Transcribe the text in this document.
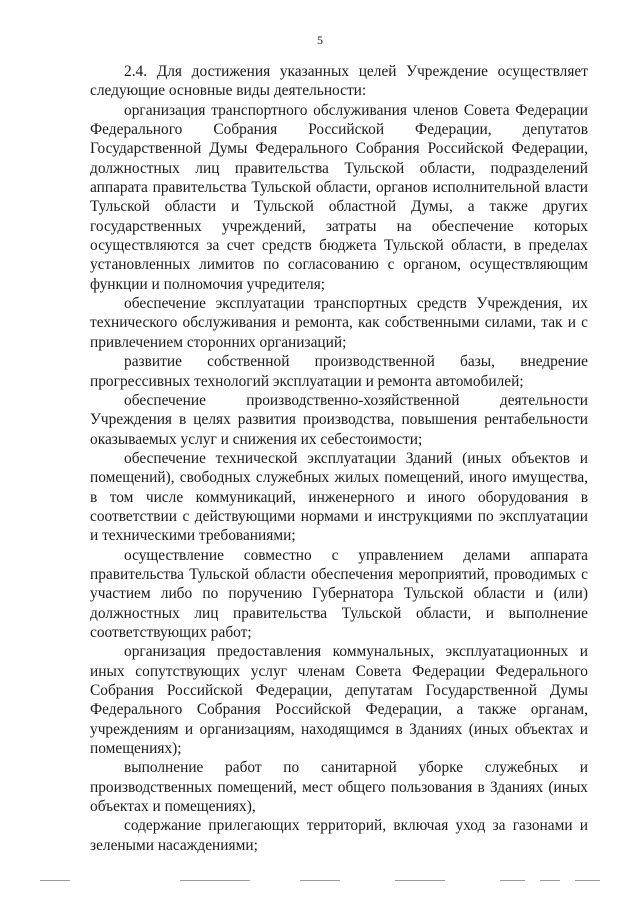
5

2.4. Для достижения указанных целей Учреждение осуществляет следующие основные виды деятельности:

организация транспортного обслуживания членов Совета Федерации Федерального Собрания Российской Федерации, депутатов Государственной Думы Федерального Собрания Российской Федерации, должностных лиц правительства Тульской области, подразделений аппарата правительства Тульской области, органов исполнительной власти Тульской области и Тульской областной Думы, а также других государственных учреждений, затраты на обеспечение которых осуществляются за счет средств бюджета Тульской области, в пределах установленных лимитов по согласованию с органом, осуществляющим функции и полномочия учредителя;

обеспечение эксплуатации транспортных средств Учреждения, их технического обслуживания и ремонта, как собственными силами, так и с привлечением сторонних организаций;

развитие собственной производственной базы, внедрение прогрессивных технологий эксплуатации и ремонта автомобилей;

обеспечение производственно-хозяйственной деятельности Учреждения в целях развития производства, повышения рентабельности оказываемых услуг и снижения их себестоимости;

обеспечение технической эксплуатации Зданий (иных объектов и помещений), свободных служебных жилых помещений, иного имущества, в том числе коммуникаций, инженерного и иного оборудования в соответствии с действующими нормами и инструкциями по эксплуатации и техническими требованиями;

осуществление совместно с управлением делами аппарата правительства Тульской области обеспечения мероприятий, проводимых с участием либо по поручению Губернатора Тульской области и (или) должностных лиц правительства Тульской области, и выполнение соответствующих работ;

организация предоставления коммунальных, эксплуатационных и иных сопутствующих услуг членам Совета Федерации Федерального Собрания Российской Федерации, депутатам Государственной Думы Федерального Собрания Российской Федерации, а также органам, учреждениям и организациям, находящимся в Зданиях (иных объектах и помещениях);

выполнение работ по санитарной уборке служебных и производственных помещений, мест общего пользования в Зданиях (иных объектах и помещениях),

содержание прилегающих территорий, включая уход за газонами и зелеными насаждениями;
